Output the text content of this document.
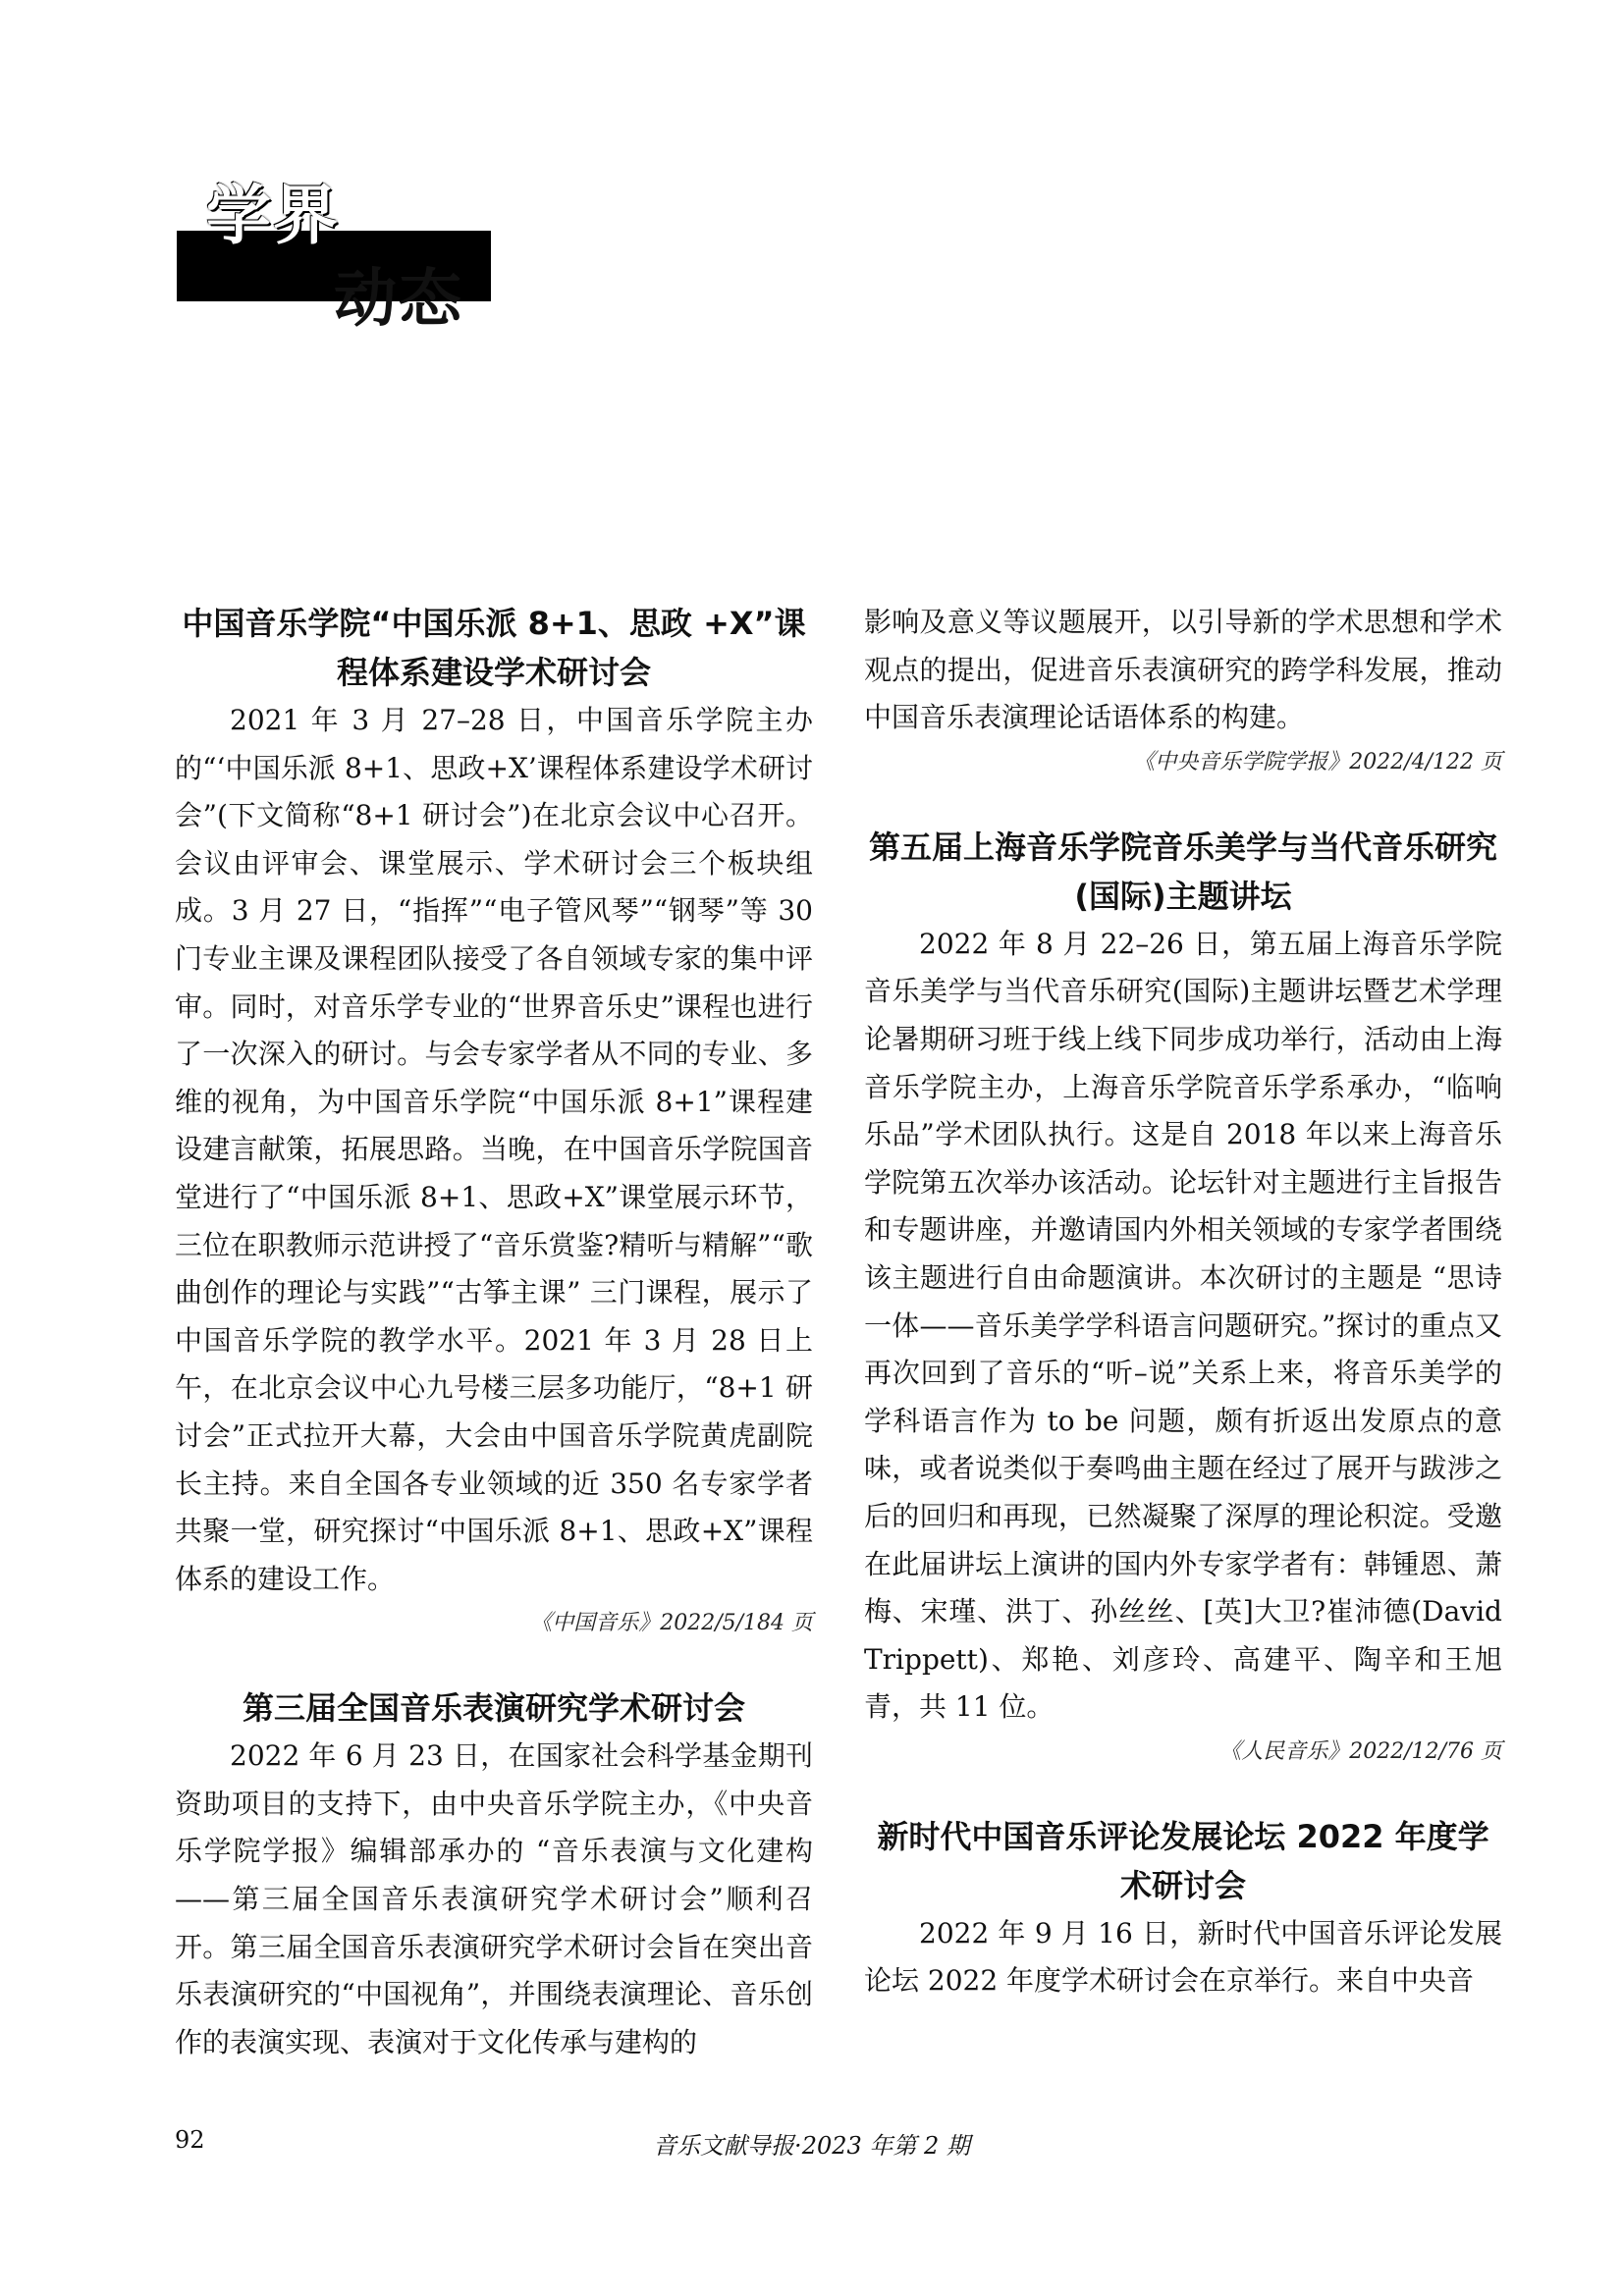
学界
动态
中国音乐学院“中国乐派 8+1、思政 +X”课程体系建设学术研讨会

2021 年 3 月 27–28 日，中国音乐学院主办的“‘中国乐派 8+1、思政+X’课程体系建设学术研讨会”(下文简称“8+1 研讨会”)在北京会议中心召开。会议由评审会、课堂展示、学术研讨会三个板块组成。3 月 27 日，“指挥”“电子管风琴”“钢琴”等 30 门专业主课及课程团队接受了各自领域专家的集中评审。同时，对音乐学专业的“世界音乐史”课程也进行了一次深入的研讨。与会专家学者从不同的专业、多维的视角，为中国音乐学院“中国乐派 8+1”课程建设建言献策，拓展思路。当晚，在中国音乐学院国音堂进行了“中国乐派 8+1、思政+X”课堂展示环节，三位在职教师示范讲授了“音乐赏鉴?精听与精解”“歌曲创作的理论与实践”“古筝主课” 三门课程，展示了中国音乐学院的教学水平。2021 年 3 月 28 日上午，在北京会议中心九号楼三层多功能厅，“8+1 研讨会”正式拉开大幕，大会由中国音乐学院黄虎副院长主持。来自全国各专业领域的近 350 名专家学者共聚一堂，研究探讨“中国乐派 8+1、思政+X”课程体系的建设工作。

《中国音乐》2022/5/184 页

第三届全国音乐表演研究学术研讨会

2022 年 6 月 23 日，在国家社会科学基金期刊资助项目的支持下，由中央音乐学院主办，《中央音乐学院学报》编辑部承办的 “音乐表演与文化建构——第三届全国音乐表演研究学术研讨会”顺利召开。第三届全国音乐表演研究学术研讨会旨在突出音乐表演研究的“中国视角”，并围绕表演理论、音乐创作的表演实现、表演对于文化传承与建构的

影响及意义等议题展开，以引导新的学术思想和学术观点的提出，促进音乐表演研究的跨学科发展，推动中国音乐表演理论话语体系的构建。

《中央音乐学院学报》2022/4/122 页

第五届上海音乐学院音乐美学与当代音乐研究(国际)主题讲坛

2022 年 8 月 22–26 日，第五届上海音乐学院音乐美学与当代音乐研究(国际)主题讲坛暨艺术学理论暑期研习班于线上线下同步成功举行，活动由上海音乐学院主办，上海音乐学院音乐学系承办，“临响乐品”学术团队执行。这是自 2018 年以来上海音乐学院第五次举办该活动。论坛针对主题进行主旨报告和专题讲座，并邀请国内外相关领域的专家学者围绕该主题进行自由命题演讲。本次研讨的主题是 “思诗一体——音乐美学学科语言问题研究。”探讨的重点又再次回到了音乐的“听–说”关系上来，将音乐美学的学科语言作为 to be 问题，颇有折返出发原点的意味，或者说类似于奏鸣曲主题在经过了展开与跋涉之后的回归和再现，已然凝聚了深厚的理论积淀。受邀在此届讲坛上演讲的国内外专家学者有：韩锺恩、萧梅、宋瑾、洪丁、孙丝丝、[英]大卫?崔沛德(David Trippett)、郑艳、刘彦玲、高建平、陶辛和王旭青，共 11 位。

《人民音乐》2022/12/76 页

新时代中国音乐评论发展论坛 2022 年度学术研讨会

2022 年 9 月 16 日，新时代中国音乐评论发展论坛 2022 年度学术研讨会在京举行。来自中央音

92	音乐文献导报·2023 年第 2 期
